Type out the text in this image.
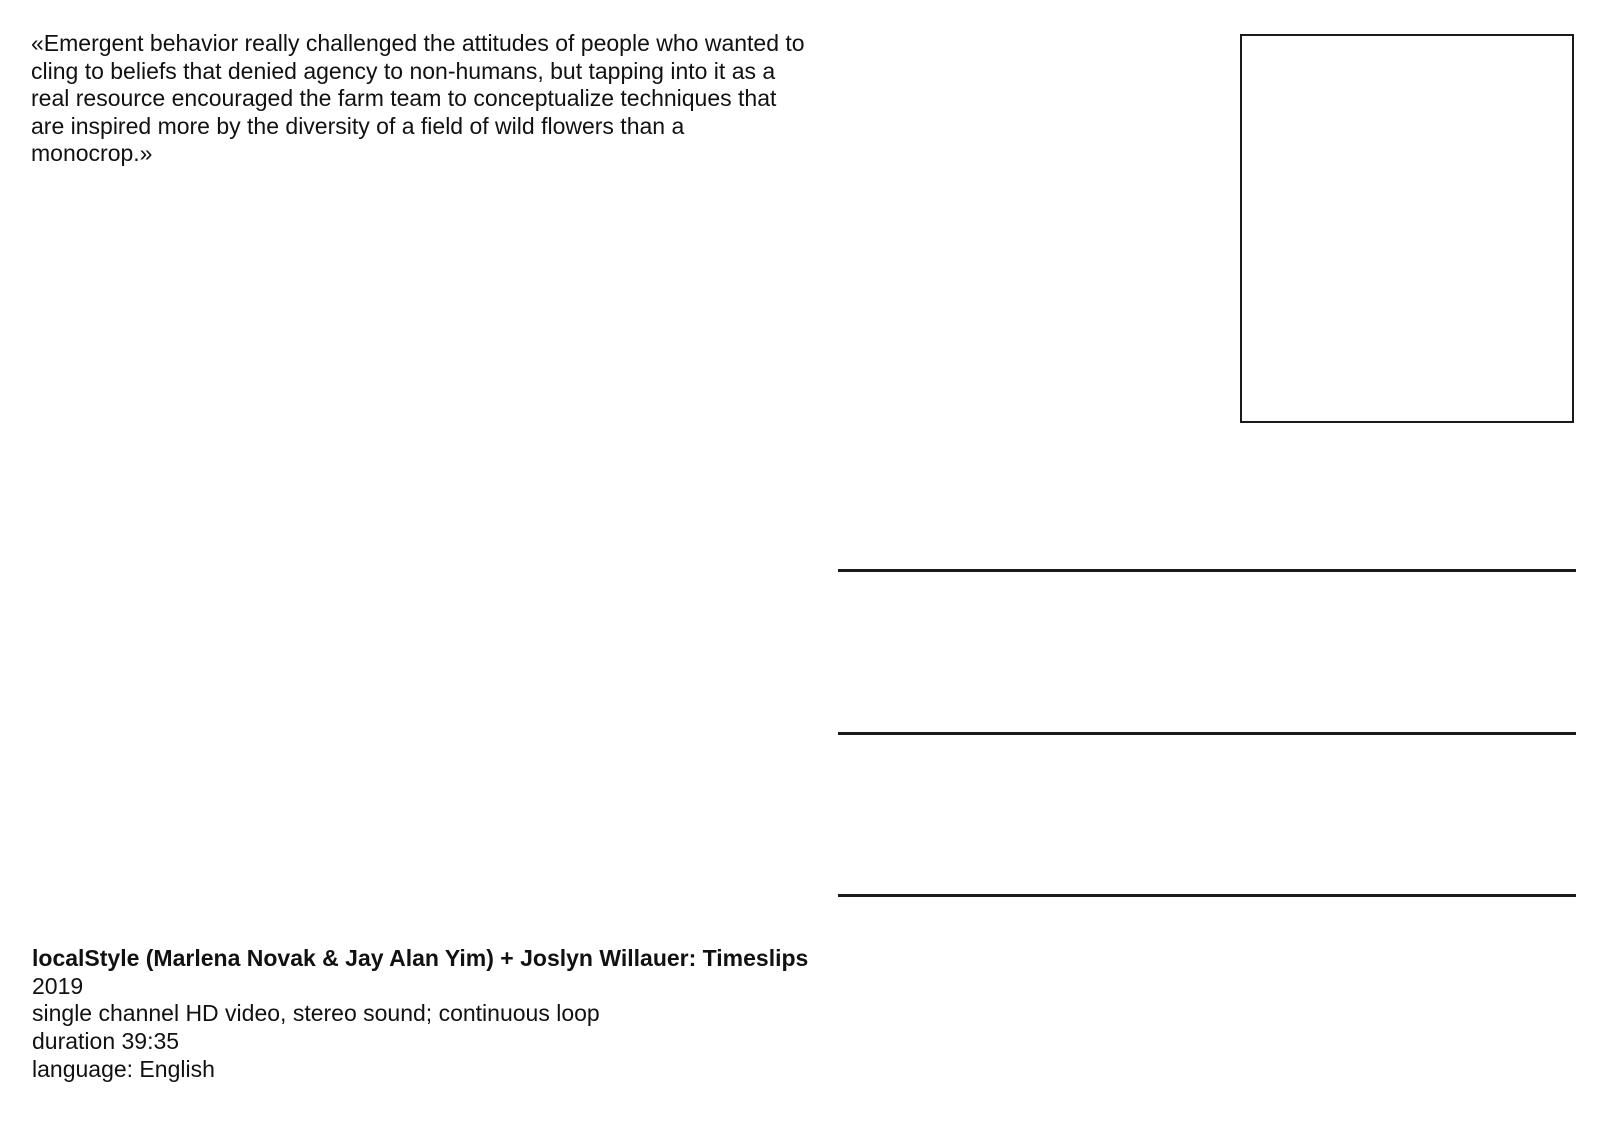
«Emergent behavior really challenged the attitudes of people who wanted to cling to beliefs that denied agency to non-humans, but tapping into it as a real resource encouraged the farm team to conceptualize techniques that are inspired more by the diversity of a field of wild flowers than a monocrop.»

localStyle (Marlena Novak & Jay Alan Yim) + Joslyn Willauer: Timeslips
2019
single channel HD video, stereo sound; continuous loop
duration 39:35
language: English
